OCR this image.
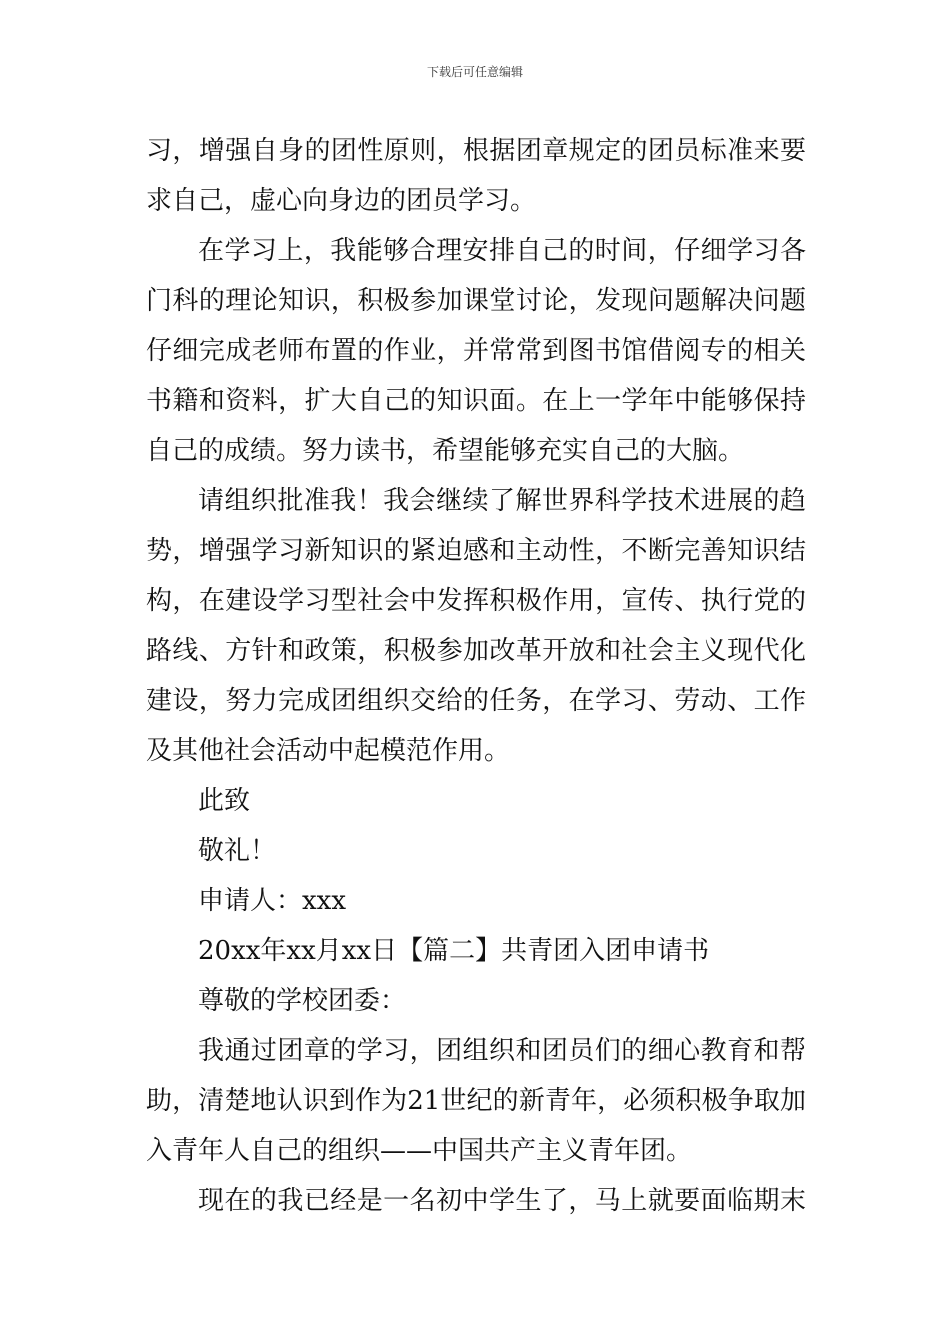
下载后可任意编辑
习，增强自身的团性原则，根据团章规定的团员标准来要
求自己，虚心向身边的团员学习。
在学习上，我能够合理安排自己的时间，仔细学习各
门科的理论知识，积极参加课堂讨论，发现问题解决问题
仔细完成老师布置的作业，并常常到图书馆借阅专的相关
书籍和资料，扩大自己的知识面。在上一学年中能够保持
自己的成绩。努力读书，希望能够充实自己的大脑。
请组织批准我！我会继续了解世界科学技术进展的趋
势，增强学习新知识的紧迫感和主动性，不断完善知识结
构，在建设学习型社会中发挥积极作用，宣传、执行党的
路线、方针和政策，积极参加改革开放和社会主义现代化
建设，努力完成团组织交给的任务，在学习、劳动、工作
及其他社会活动中起模范作用。
此致
敬礼！
申请人：xxx
20xx年xx月xx日【篇二】共青团入团申请书
尊敬的学校团委：
我通过团章的学习，团组织和团员们的细心教育和帮
助，清楚地认识到作为21世纪的新青年，必须积极争取加
入青年人自己的组织——中国共产主义青年团。
现在的我已经是一名初中学生了，马上就要面临期末
